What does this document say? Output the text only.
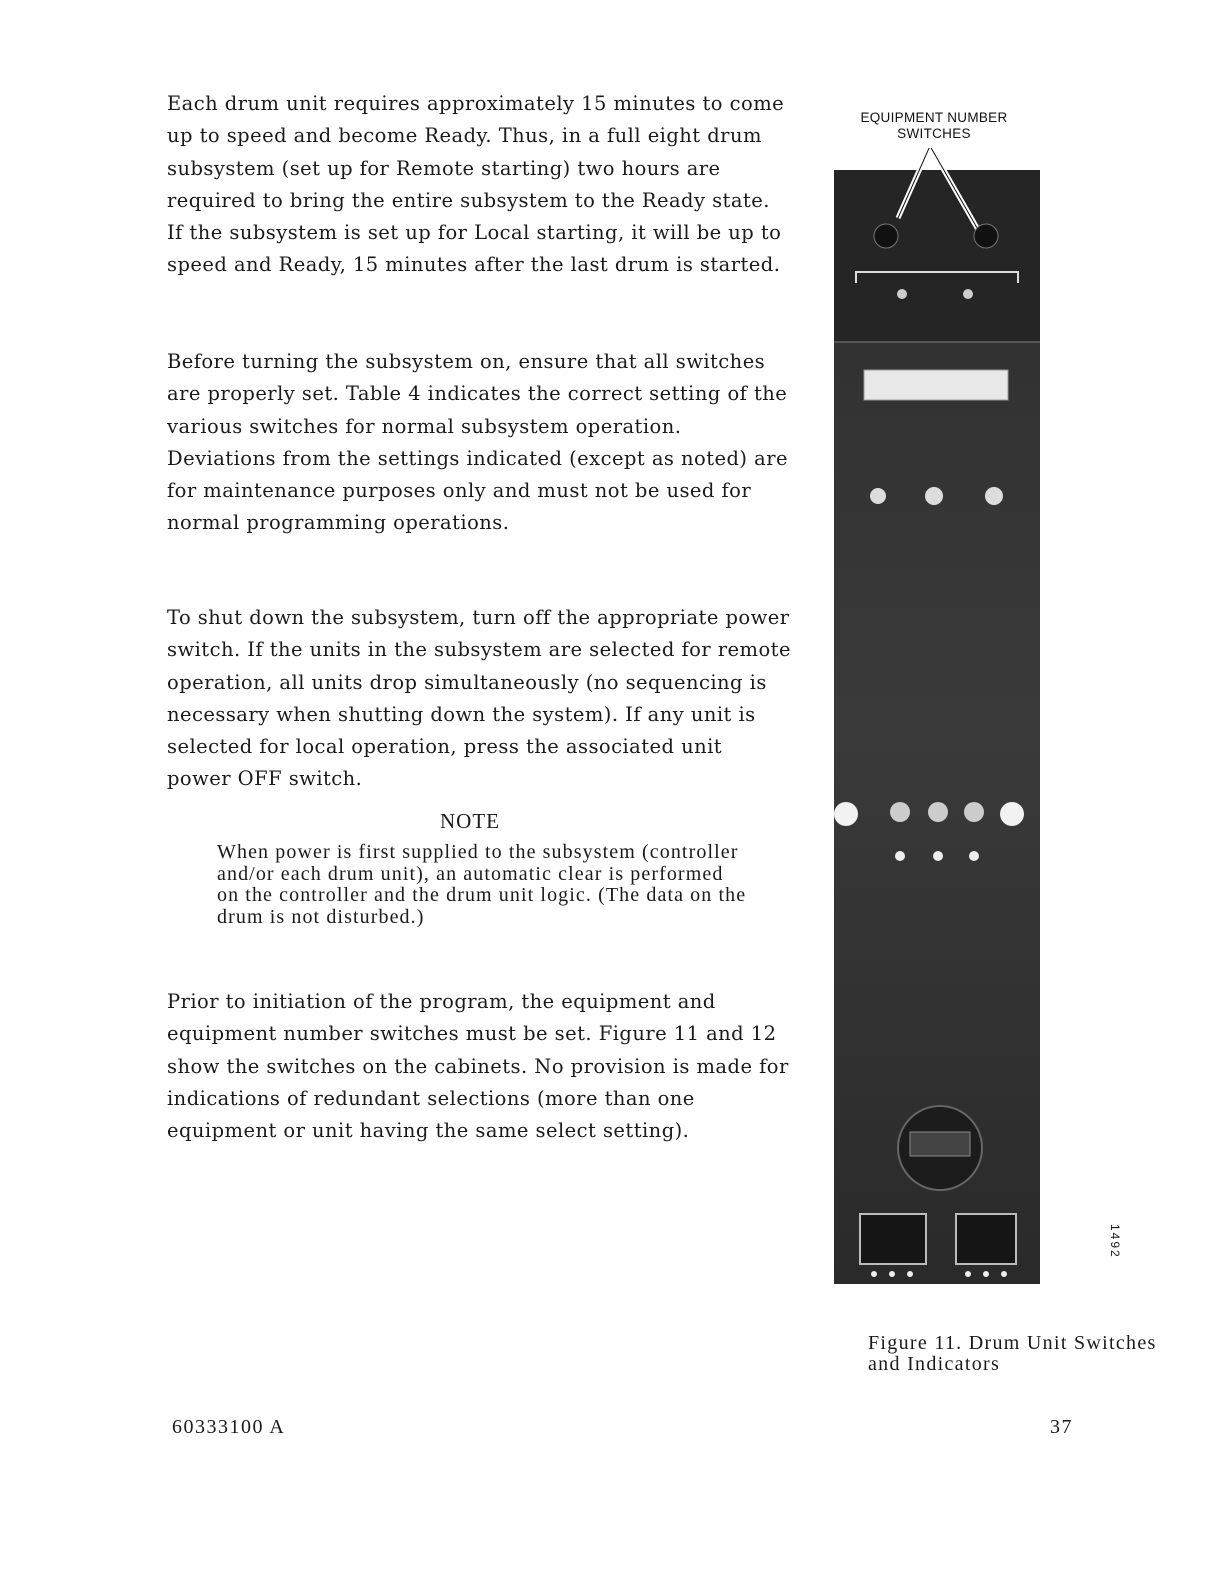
Each drum unit requires approximately 15 minutes to come up to speed and become Ready. Thus, in a full eight drum subsystem (set up for Remote starting) two hours are required to bring the entire subsystem to the Ready state. If the subsystem is set up for Local starting, it will be up to speed and Ready, 15 minutes after the last drum is started.

Before turning the subsystem on, ensure that all switches are properly set. Table 4 indicates the correct setting of the various switches for normal subsystem operation. Deviations from the settings indicated (except as noted) are for maintenance purposes only and must not be used for normal programming operations.

To shut down the subsystem, turn off the appropriate power switch. If the units in the subsystem are selected for remote operation, all units drop simultaneously (no sequencing is necessary when shutting down the system). If any unit is selected for local operation, press the associated unit power OFF switch.

NOTE

When power is first supplied to the subsystem (controller and/or each drum unit), an automatic clear is performed on the controller and the drum unit logic. (The data on the drum is not disturbed.)

Prior to initiation of the program, the equipment and equipment number switches must be set. Figure 11 and 12 show the switches on the cabinets. No provision is made for indications of redundant selections (more than one equipment or unit having the same select setting).

EQUIPMENT NUMBER SWITCHES
1492

Figure 11. Drum Unit Switches and Indicators

60333100 A	37
